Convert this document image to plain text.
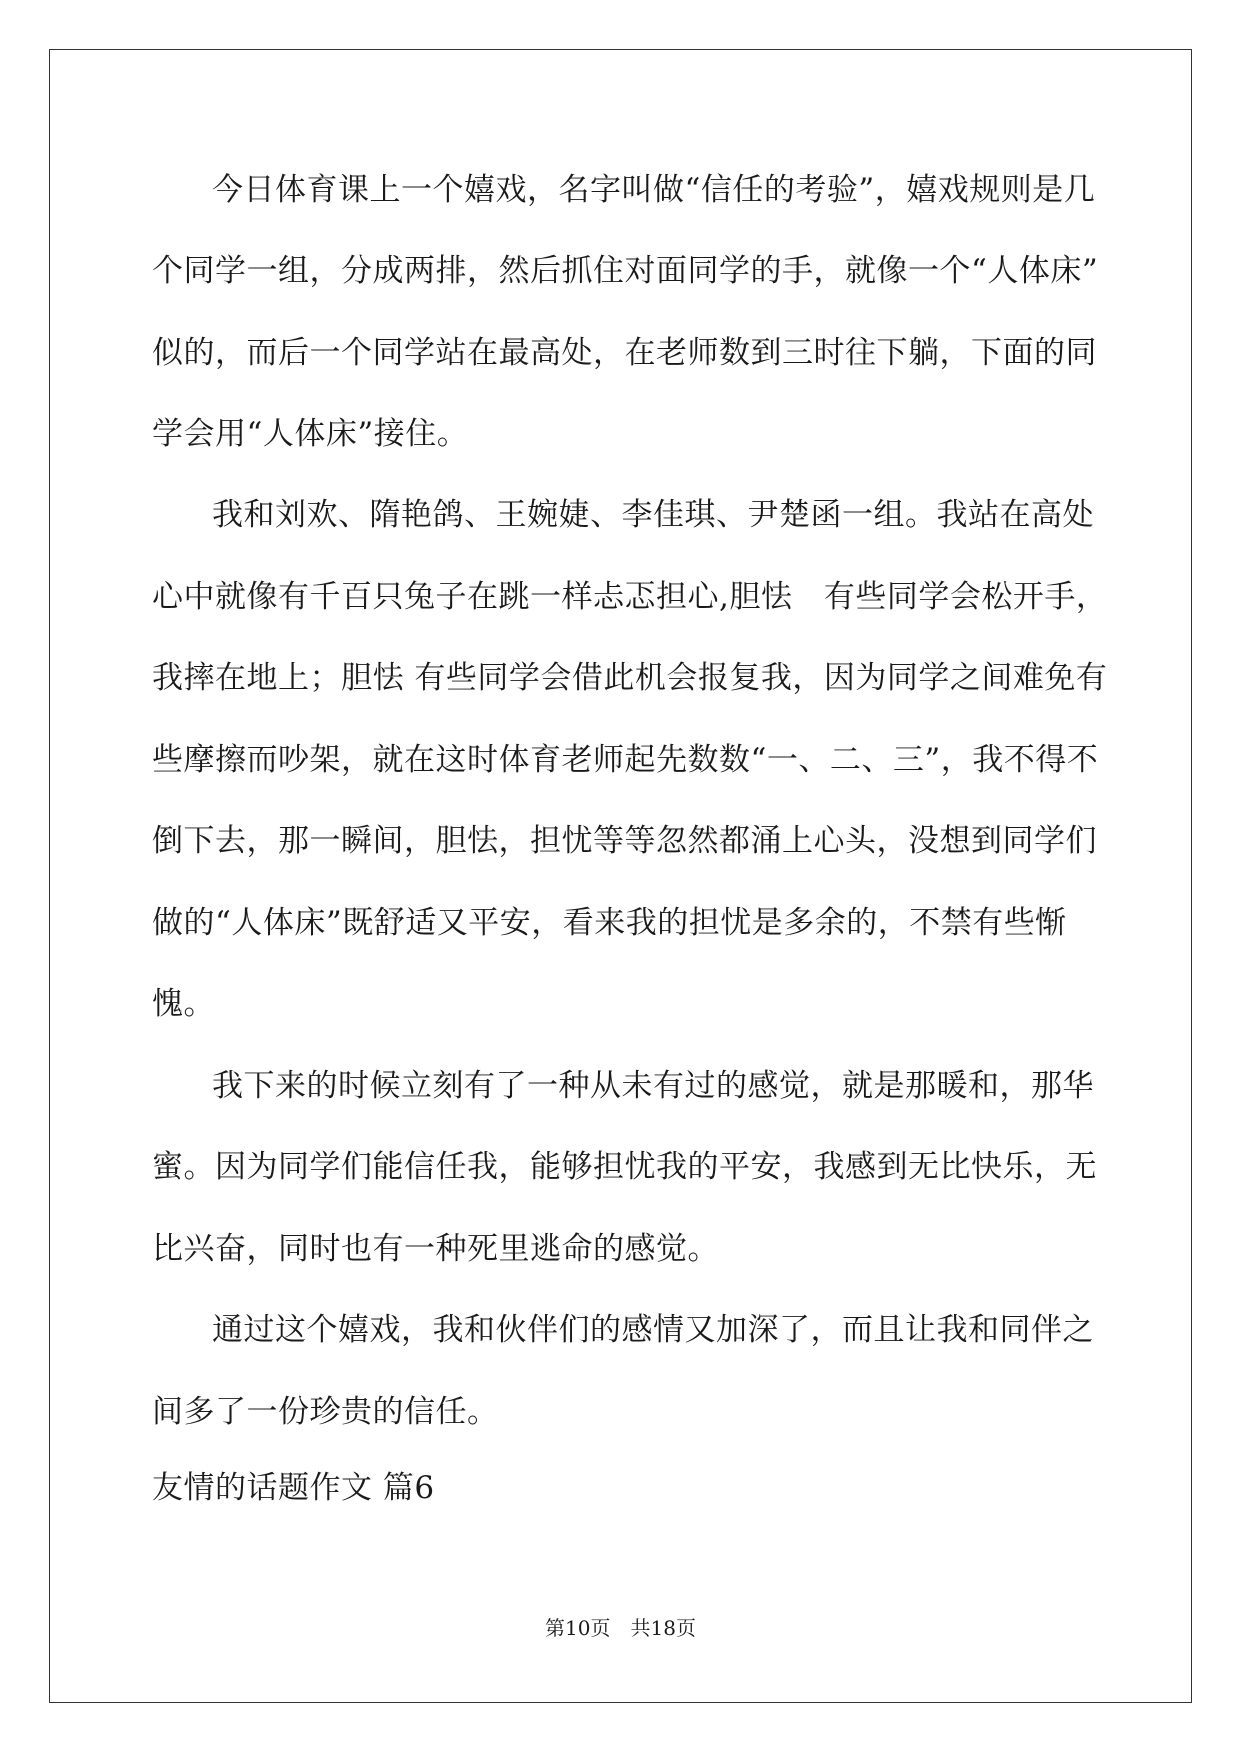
今日体育课上一个嬉戏，名字叫做“信任的考验”，嬉戏规则是几
个同学一组，分成两排，然后抓住对面同学的手，就像一个“人体床”
似的，而后一个同学站在最高处，在老师数到三时往下躺，下面的同
学会用“人体床”接住。
我和刘欢、隋艳鸽、王婉婕、李佳琪、尹楚函一组。我站在高处
心中就像有千百只兔子在跳一样忐忑担心,胆怯　有些同学会松开手，
我摔在地上；胆怯 有些同学会借此机会报复我，因为同学之间难免有
些摩擦而吵架，就在这时体育老师起先数数“一、二、三”，我不得不
倒下去，那一瞬间，胆怯，担忧等等忽然都涌上心头，没想到同学们
做的“人体床”既舒适又平安，看来我的担忧是多余的，不禁有些惭
愧。
我下来的时候立刻有了一种从未有过的感觉，就是那暖和，那华
蜜。因为同学们能信任我，能够担忧我的平安，我感到无比快乐，无
比兴奋，同时也有一种死里逃命的感觉。
通过这个嬉戏，我和伙伴们的感情又加深了，而且让我和同伴之
间多了一份珍贵的信任。
友情的话题作文 篇6
第10页　共18页
